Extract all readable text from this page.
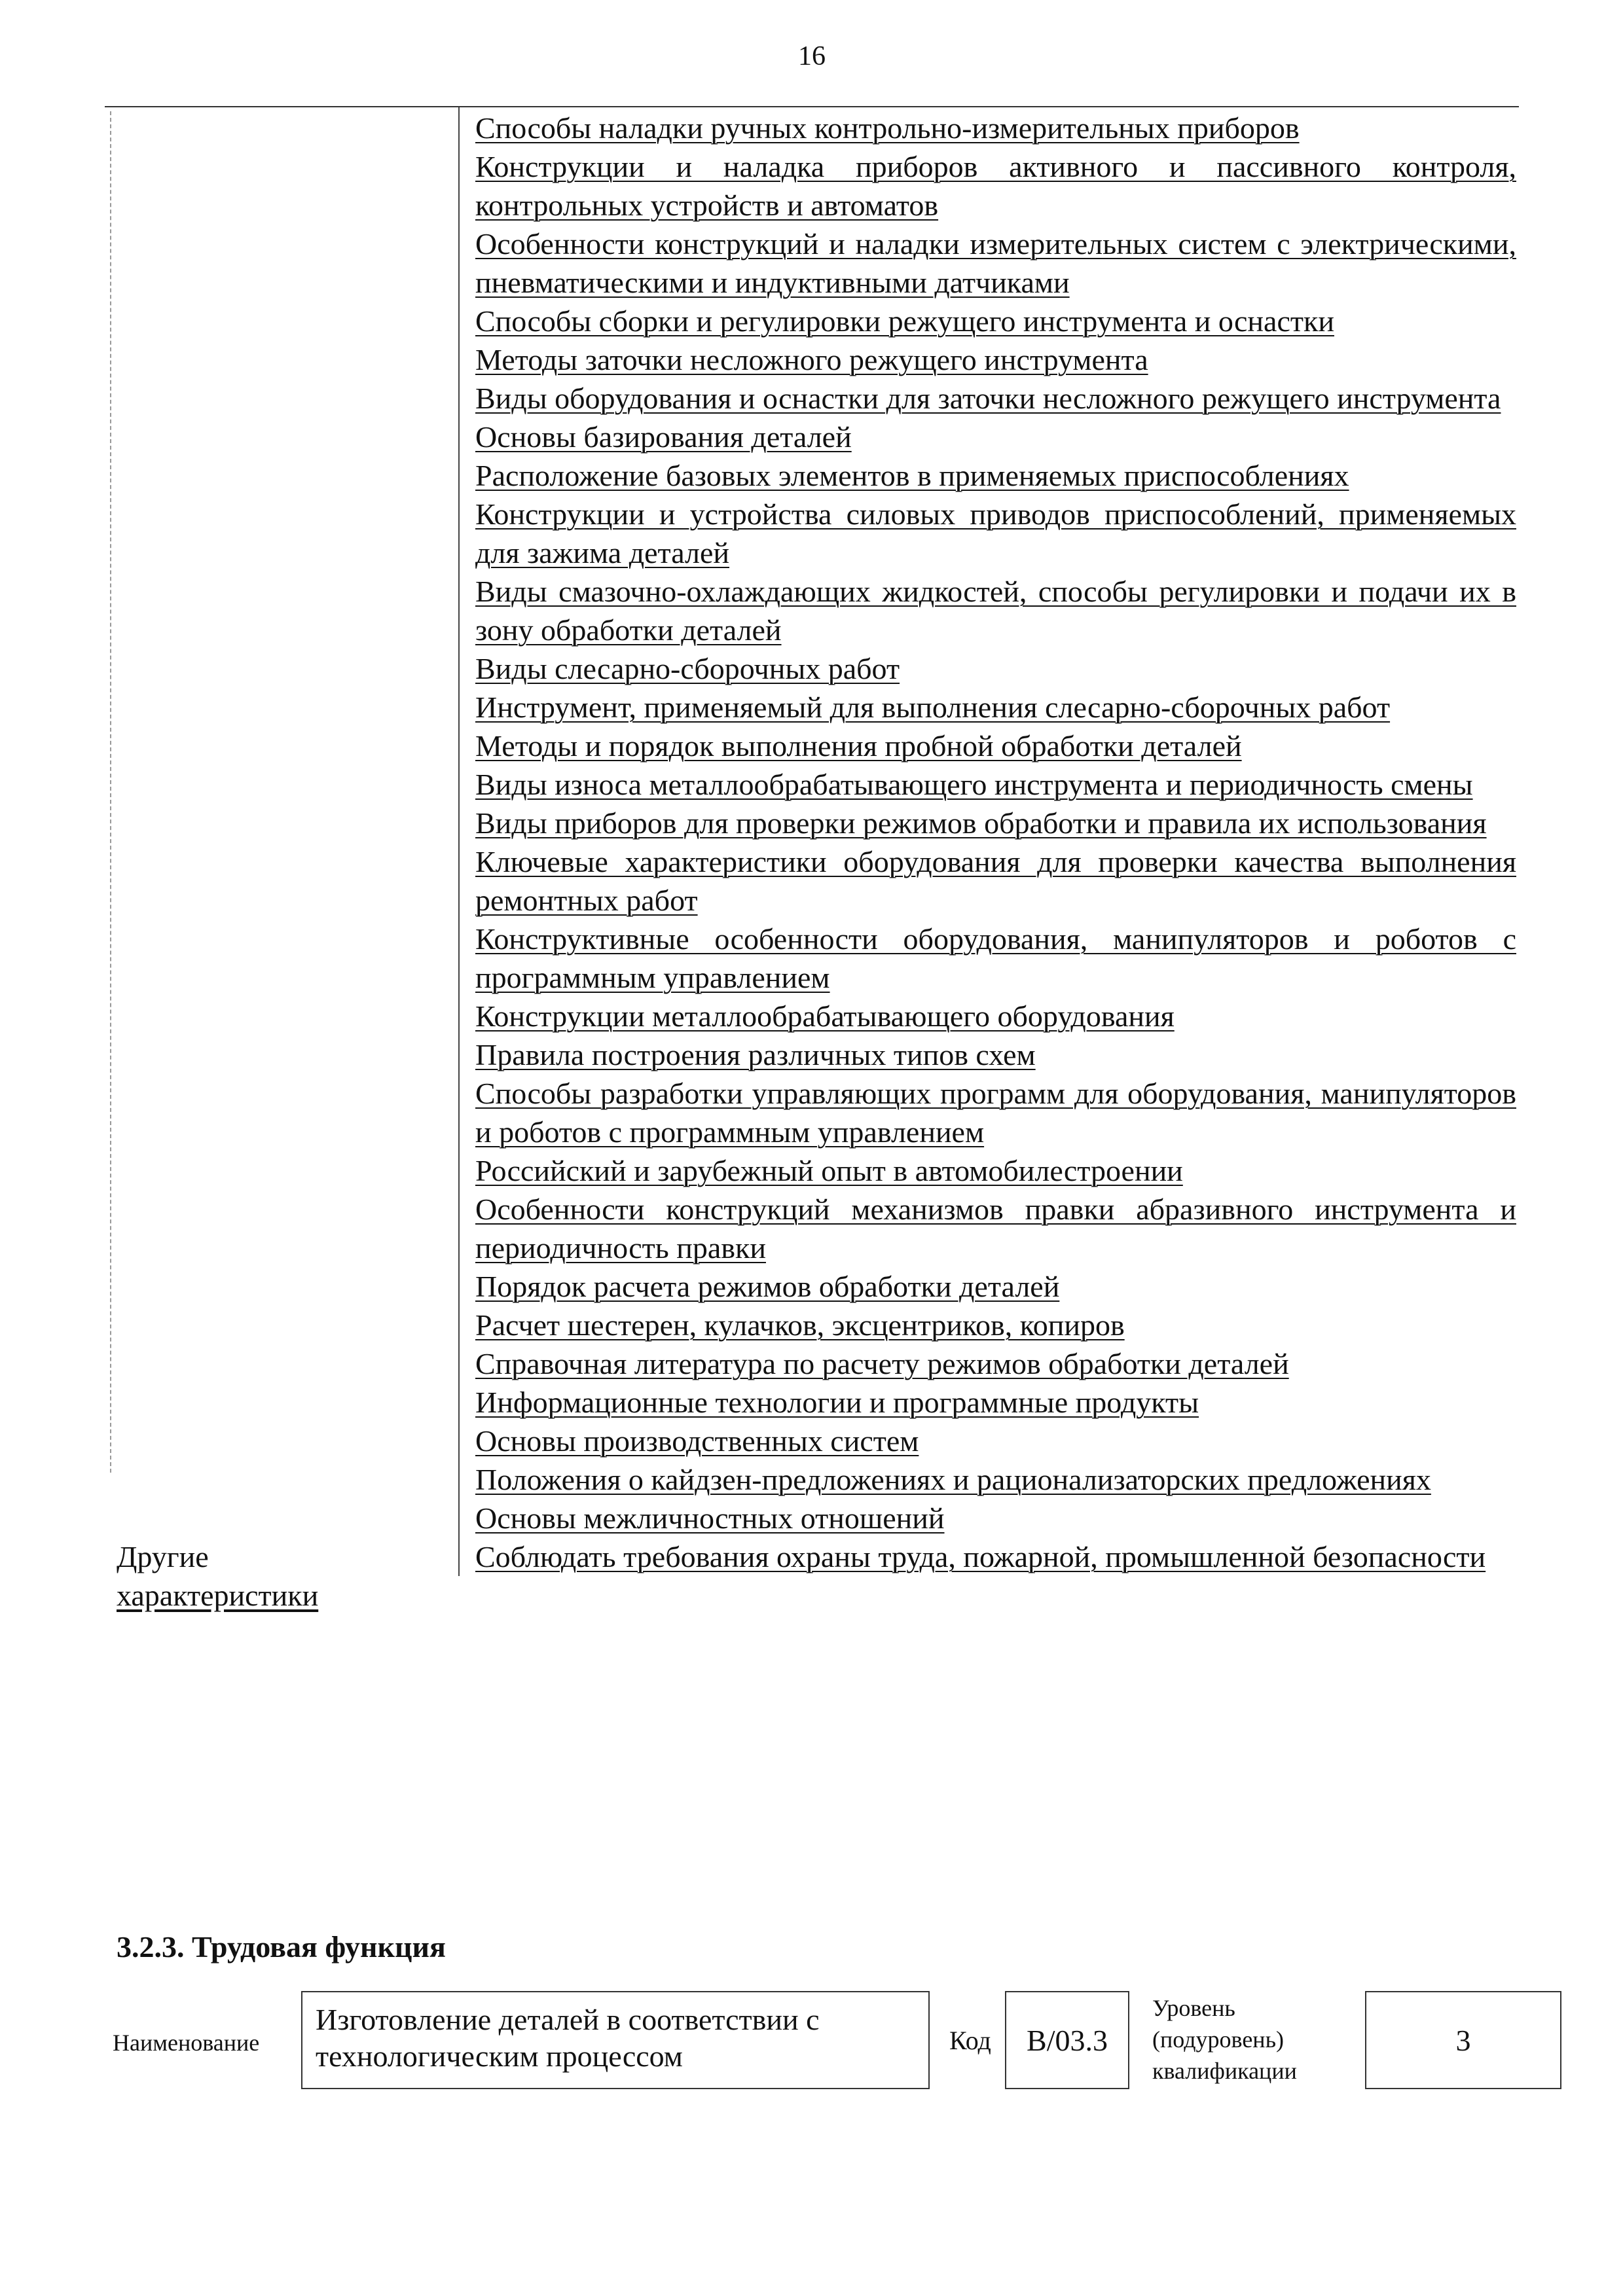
16
Способы наладки ручных контрольно-измерительных приборов
Конструкции и наладка приборов активного и пассивного контроля, контрольных устройств и автоматов
Особенности конструкций и наладки измерительных систем с электрическими, пневматическими и индуктивными датчиками
Способы сборки и регулировки режущего инструмента и оснастки
Методы заточки несложного режущего инструмента
Виды оборудования и оснастки для заточки несложного режущего инструмента
Основы базирования деталей
Расположение базовых элементов в применяемых приспособлениях
Конструкции и устройства силовых приводов приспособлений, применяемых для зажима деталей
Виды смазочно-охлаждающих жидкостей, способы регулировки и подачи их в зону обработки деталей
Виды слесарно-сборочных работ
Инструмент, применяемый для выполнения слесарно-сборочных работ
Методы и порядок выполнения пробной обработки деталей
Виды износа металлообрабатывающего инструмента и периодичность смены
Виды приборов для проверки режимов обработки и правила их использования
Ключевые характеристики оборудования для проверки качества выполнения ремонтных работ
Конструктивные особенности оборудования, манипуляторов и роботов с программным управлением
Конструкции металлообрабатывающего оборудования
Правила построения различных типов схем
Способы разработки управляющих программ для оборудования, манипуляторов и роботов с программным управлением
Российский и зарубежный опыт в автомобилестроении
Особенности конструкций механизмов правки абразивного инструмента и периодичность правки
Порядок расчета режимов обработки деталей
Расчет шестерен, кулачков, эксцентриков, копиров
Справочная литература по расчету режимов обработки деталей
Информационные технологии и программные продукты
Основы производственных систем
Положения о кайдзен-предложениях и рационализаторских предложениях
Основы межличностных отношений
Другие
характеристики
Соблюдать требования охраны труда, пожарной, промышленной безопасности
3.2.3. Трудовая функция
Наименование
Изготовление деталей в соответствии с технологическим процессом	Код B/03.3
Уровень
(подуровень)
квалификации
3
